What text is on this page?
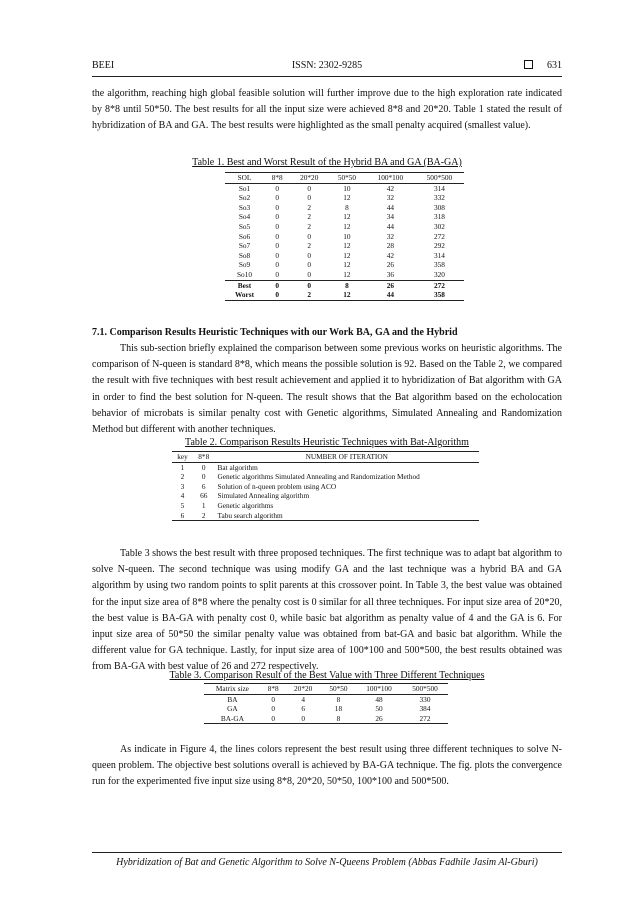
BEEI	ISSN: 2302-9285	631
the algorithm, reaching high global feasible solution will further improve due to the high exploration rate indicated by 8*8 until 50*50. The best results for all the input size were achieved 8*8 and 20*20. Table 1 stated the result of hybridization of BA and GA. The best results were highlighted as the small penalty acquired (smallest value).
Table 1. Best and Worst Result of the Hybrid BA and GA (BA-GA)
SOL	8*8	20*20	50*50	100*100	500*500
So1	0	0	10	42	314
So2	0	0	12	32	332
So3	0	2	8	44	308
So4	0	2	12	34	318
So5	0	2	12	44	302
So6	0	0	10	32	272
So7	0	2	12	28	292
So8	0	0	12	42	314
So9	0	0	12	26	358
So10	0	0	12	36	320
Best	0	0	8	26	272
Worst	0	2	12	44	358
7.1. Comparison Results Heuristic Techniques with our Work BA, GA and the Hybrid
This sub-section briefly explained the comparison between some previous works on heuristic algorithms. The comparison of N-queen is standard 8*8, which means the possible solution is 92. Based on the Table 2, we compared the result with five techniques with best result achievement and applied it to hybridization of Bat algorithm with GA in order to find the best solution for N-queen. The result shows that the Bat algorithm based on the echolocation behavior of microbats is similar penalty cost with Genetic algorithms, Simulated Annealing and Randomization Method but different with another techniques.
Table 2. Comparison Results Heuristic Techniques with Bat-Algorithm
key	8*8	NUMBER OF ITERATION
1	0	Bat algorithm
2	0	Genetic algorithms Simulated Annealing and Randomization Method
3	6	Solution of n-queen problem using ACO
4	66	Simulated Annealing algorithm
5	1	Genetic algorithms
6	2	Tabu search algorithm
Table 3 shows the best result with three proposed techniques. The first technique was to adapt bat algorithm to solve N-queen. The second technique was using modify GA and the last technique was a hybrid BA and GA algorithm by using two random points to split parents at this crossover point. In Table 3, the best value was obtained for the input size area of 8*8 where the penalty cost is 0 similar for all three techniques. For input size area of 20*20, the best value is BA-GA with penalty cost 0, while basic bat algorithm as penalty value of 4 and the GA is 6. For input size area of 50*50 the similar penalty value was obtained from bat-GA and basic bat algorithm. While the different value for GA technique. Lastly, for input size area of 100*100 and 500*500, the best results obtained was from BA-GA with best value of 26 and 272 respectively.
Table 3. Comparison Result of the Best Value with Three Different Techniques
Matrix size	8*8	20*20	50*50	100*100	500*500
BA	0	4	8	48	330
GA	0	6	18	50	384
BA-GA	0	0	8	26	272
As indicate in Figure 4, the lines colors represent the best result using three different techniques to solve N-queen problem. The objective best solutions overall is achieved by BA-GA technique. The fig. plots the convergence run for the experimented five input size using 8*8, 20*20, 50*50, 100*100 and 500*500.
Hybridization of Bat and Genetic Algorithm to Solve N-Queens Problem (Abbas Fadhile Jasim Al-Gburi)
